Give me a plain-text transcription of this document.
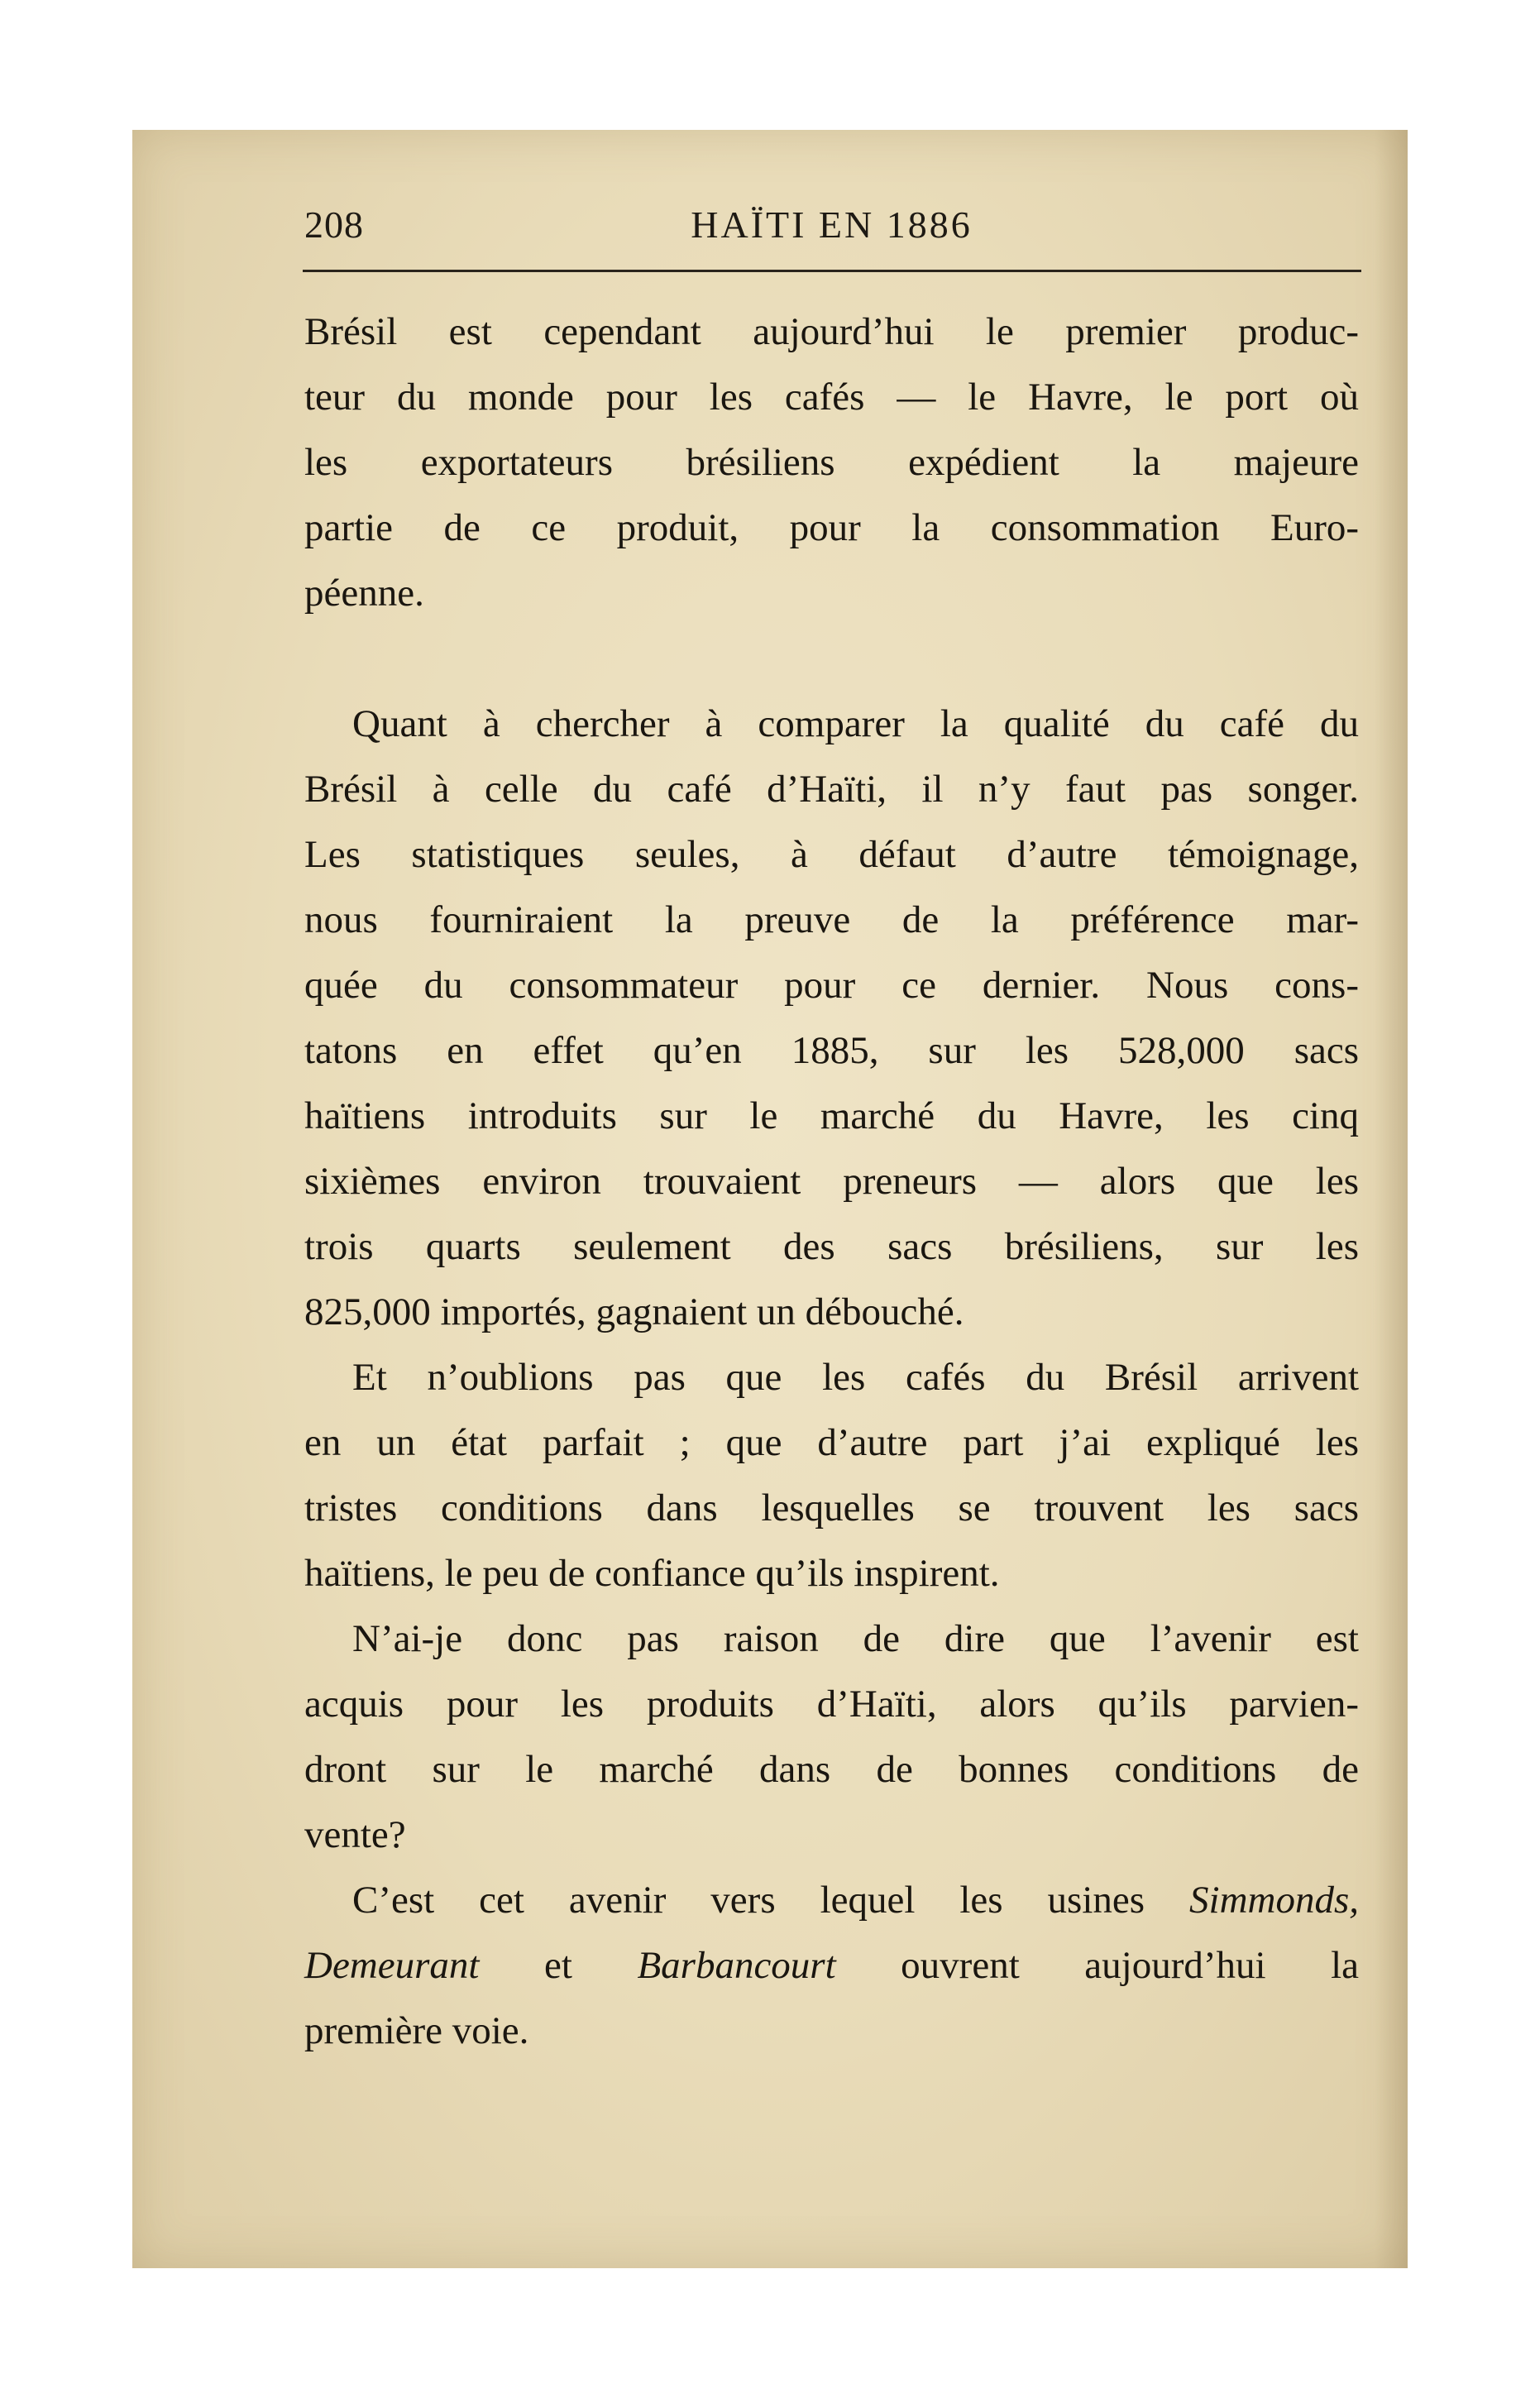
208	HAÏTI EN 1886
Brésil est cependant aujourd’hui le premier produc-
teur du monde pour les cafés — le Havre, le port où
les exportateurs brésiliens expédient la majeure
partie de ce produit, pour la consommation Euro-
péenne.
Quant à chercher à comparer la qualité du café du
Brésil à celle du café d’Haïti, il n’y faut pas songer.
Les statistiques seules, à défaut d’autre témoignage,
nous fourniraient la preuve de la préférence mar-
quée du consommateur pour ce dernier. Nous cons-
tatons en effet qu’en 1885, sur les 528,000 sacs
haïtiens introduits sur le marché du Havre, les cinq
sixièmes environ trouvaient preneurs — alors que les
trois quarts seulement des sacs brésiliens, sur les
825,000 importés, gagnaient un débouché.
Et n’oublions pas que les cafés du Brésil arrivent
en un état parfait ; que d’autre part j’ai expliqué les
tristes conditions dans lesquelles se trouvent les sacs
haïtiens, le peu de confiance qu’ils inspirent.
N’ai-je donc pas raison de dire que l’avenir est
acquis pour les produits d’Haïti, alors qu’ils parvien-
dront sur le marché dans de bonnes conditions de
vente?
C’est cet avenir vers lequel les usines Simmonds,
Demeurant et Barbancourt ouvrent aujourd’hui la
première voie.
